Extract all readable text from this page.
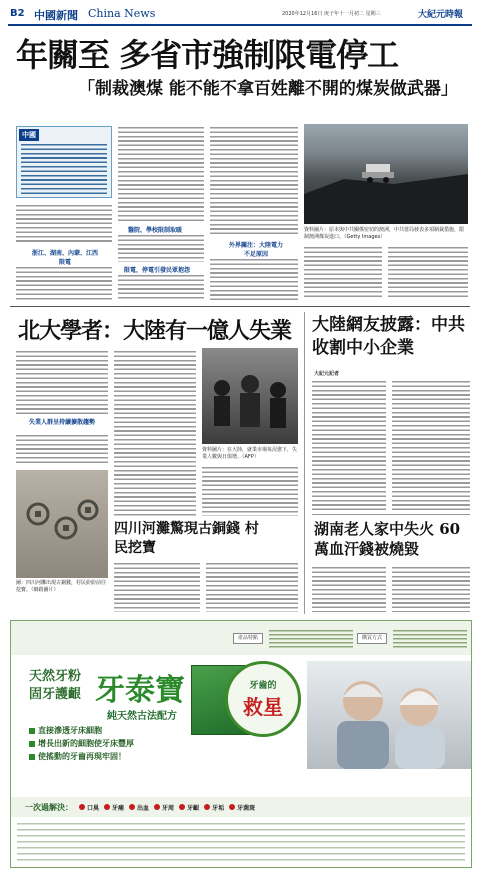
B2 中國新聞 China News	2020年12月16日 庚子年十一月初二 星期三	大紀元時報
年關至 多省市強制限電停工
「制裁澳煤 能不能不拿百姓離不開的煤炭做武器」
中國
浙江、湖南、內蒙、江西限電
醫院、學校限制取暖
限電，停電引發民眾抱怨
外界關注：大陸電力不足原因
資料圖片：原本與中共關係密切的澳洲，中共當局發表多項制裁措施，限制澳洲煤炭進口。（Getty Images）
北大學者：大陸有一億人失業
失業人群呈持續擴散趨勢
資料圖片：在大陸，就業市場每況愈下，失業人數與日俱增。（AFP）
圖：四川河灘出現古銅錢，村民紛紛前往挖寶。（網路圖片）
四川河灘驚現古銅錢 村民挖寶
大陸網友披露：中共收割中小企業
大紀元記者
湖南老人家中失火 60萬血汗錢被燒毀
產品特點	購買方式
天然牙粉
固牙護齦 牙泰寶
純天然古法配方
直接滲透牙床細胞
增長出新的細胞使牙床豐厚
使搖動的牙齒再現牢固！
牙齒的
救星
一次過解決： 口臭 牙痛 出血 牙周 牙齦 牙垢 牙菌斑
